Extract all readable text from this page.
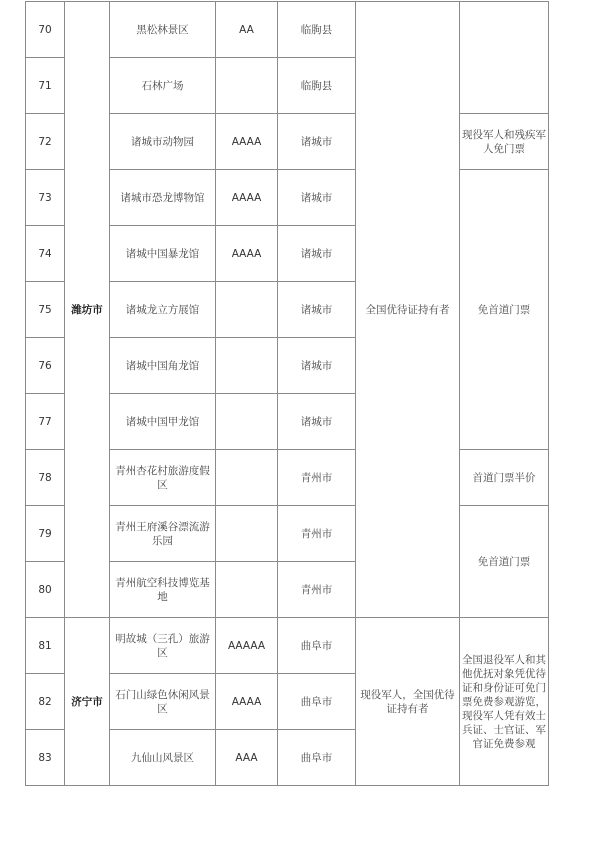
70	潍坊市	黑松林景区	AA	临朐县	全国优待证持有者	
71		石林广场		临朐县		
72		诸城市动物园	AAAA	诸城市		现役军人和残疾军人免门票
73		诸城市恐龙博物馆	AAAA	诸城市		免首道门票
74		诸城中国暴龙馆	AAAA	诸城市		
75		诸城龙立方展馆		诸城市		
76		诸城中国角龙馆		诸城市		
77		诸城中国甲龙馆		诸城市		
78		青州杏花村旅游度假区		青州市		首道门票半价
79		青州王府溪谷漂流游乐园		青州市		免首道门票
80		青州航空科技博览基地		青州市		
81	济宁市	明故城（三孔）旅游区	AAAAA	曲阜市	现役军人，全国优待证持有者	全国退役军人和其他优抚对象凭优待证和身份证可免门票免费参观游览，现役军人凭有效士兵证、士官证、军官证免费参观
82		石门山绿色休闲风景区	AAAA	曲阜市		
83		九仙山风景区	AAA	曲阜市		
